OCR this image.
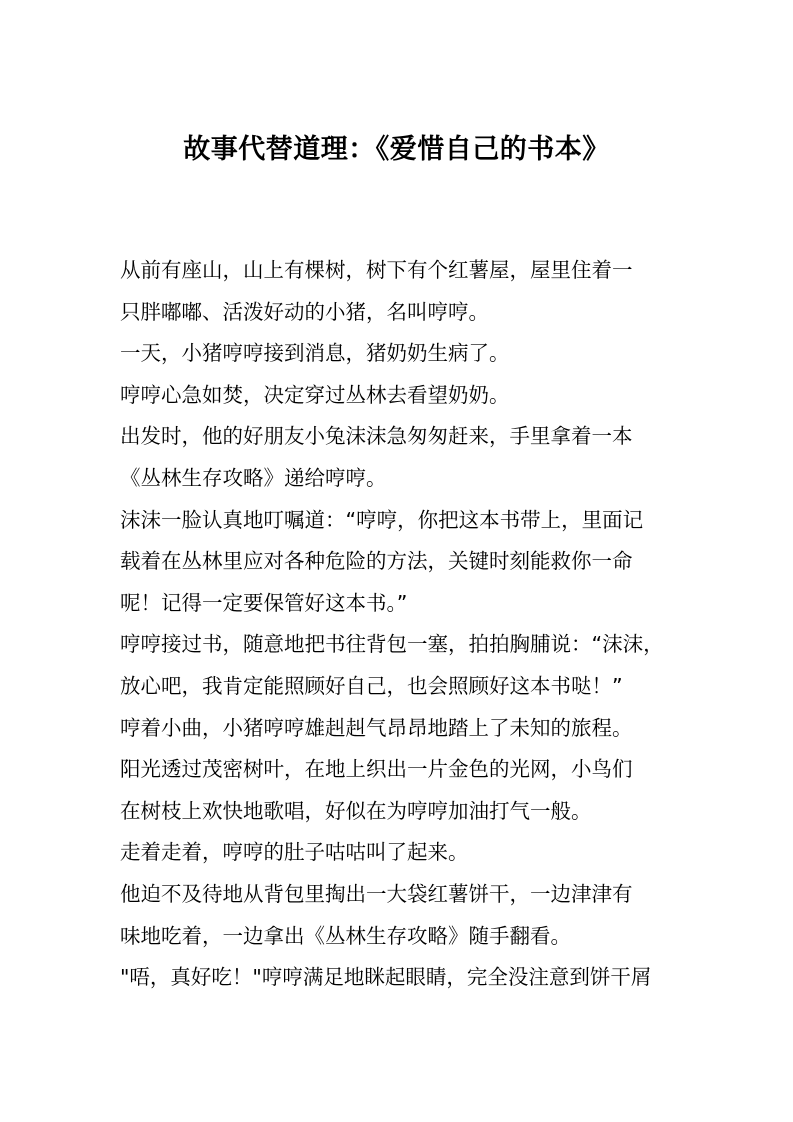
故事代替道理：《爱惜自己的书本》
从前有座山，山上有棵树，树下有个红薯屋，屋里住着一
只胖嘟嘟、活泼好动的小猪，名叫哼哼。
一天，小猪哼哼接到消息，猪奶奶生病了。
哼哼心急如焚，决定穿过丛林去看望奶奶。
出发时，他的好朋友小兔沫沫急匆匆赶来，手里拿着一本
《丛林生存攻略》递给哼哼。
沫沫一脸认真地叮嘱道：“哼哼，你把这本书带上，里面记
载着在丛林里应对各种危险的方法，关键时刻能救你一命
呢！记得一定要保管好这本书。”
哼哼接过书，随意地把书往背包一塞，拍拍胸脯说：“沫沫，
放心吧，我肯定能照顾好自己，也会照顾好这本书哒！”
哼着小曲，小猪哼哼雄赳赳气昂昂地踏上了未知的旅程。
阳光透过茂密树叶，在地上织出一片金色的光网，小鸟们
在树枝上欢快地歌唱，好似在为哼哼加油打气一般。
走着走着，哼哼的肚子咕咕叫了起来。
他迫不及待地从背包里掏出一大袋红薯饼干，一边津津有
味地吃着，一边拿出《丛林生存攻略》随手翻看。
"唔，真好吃！"哼哼满足地眯起眼睛，完全没注意到饼干屑
